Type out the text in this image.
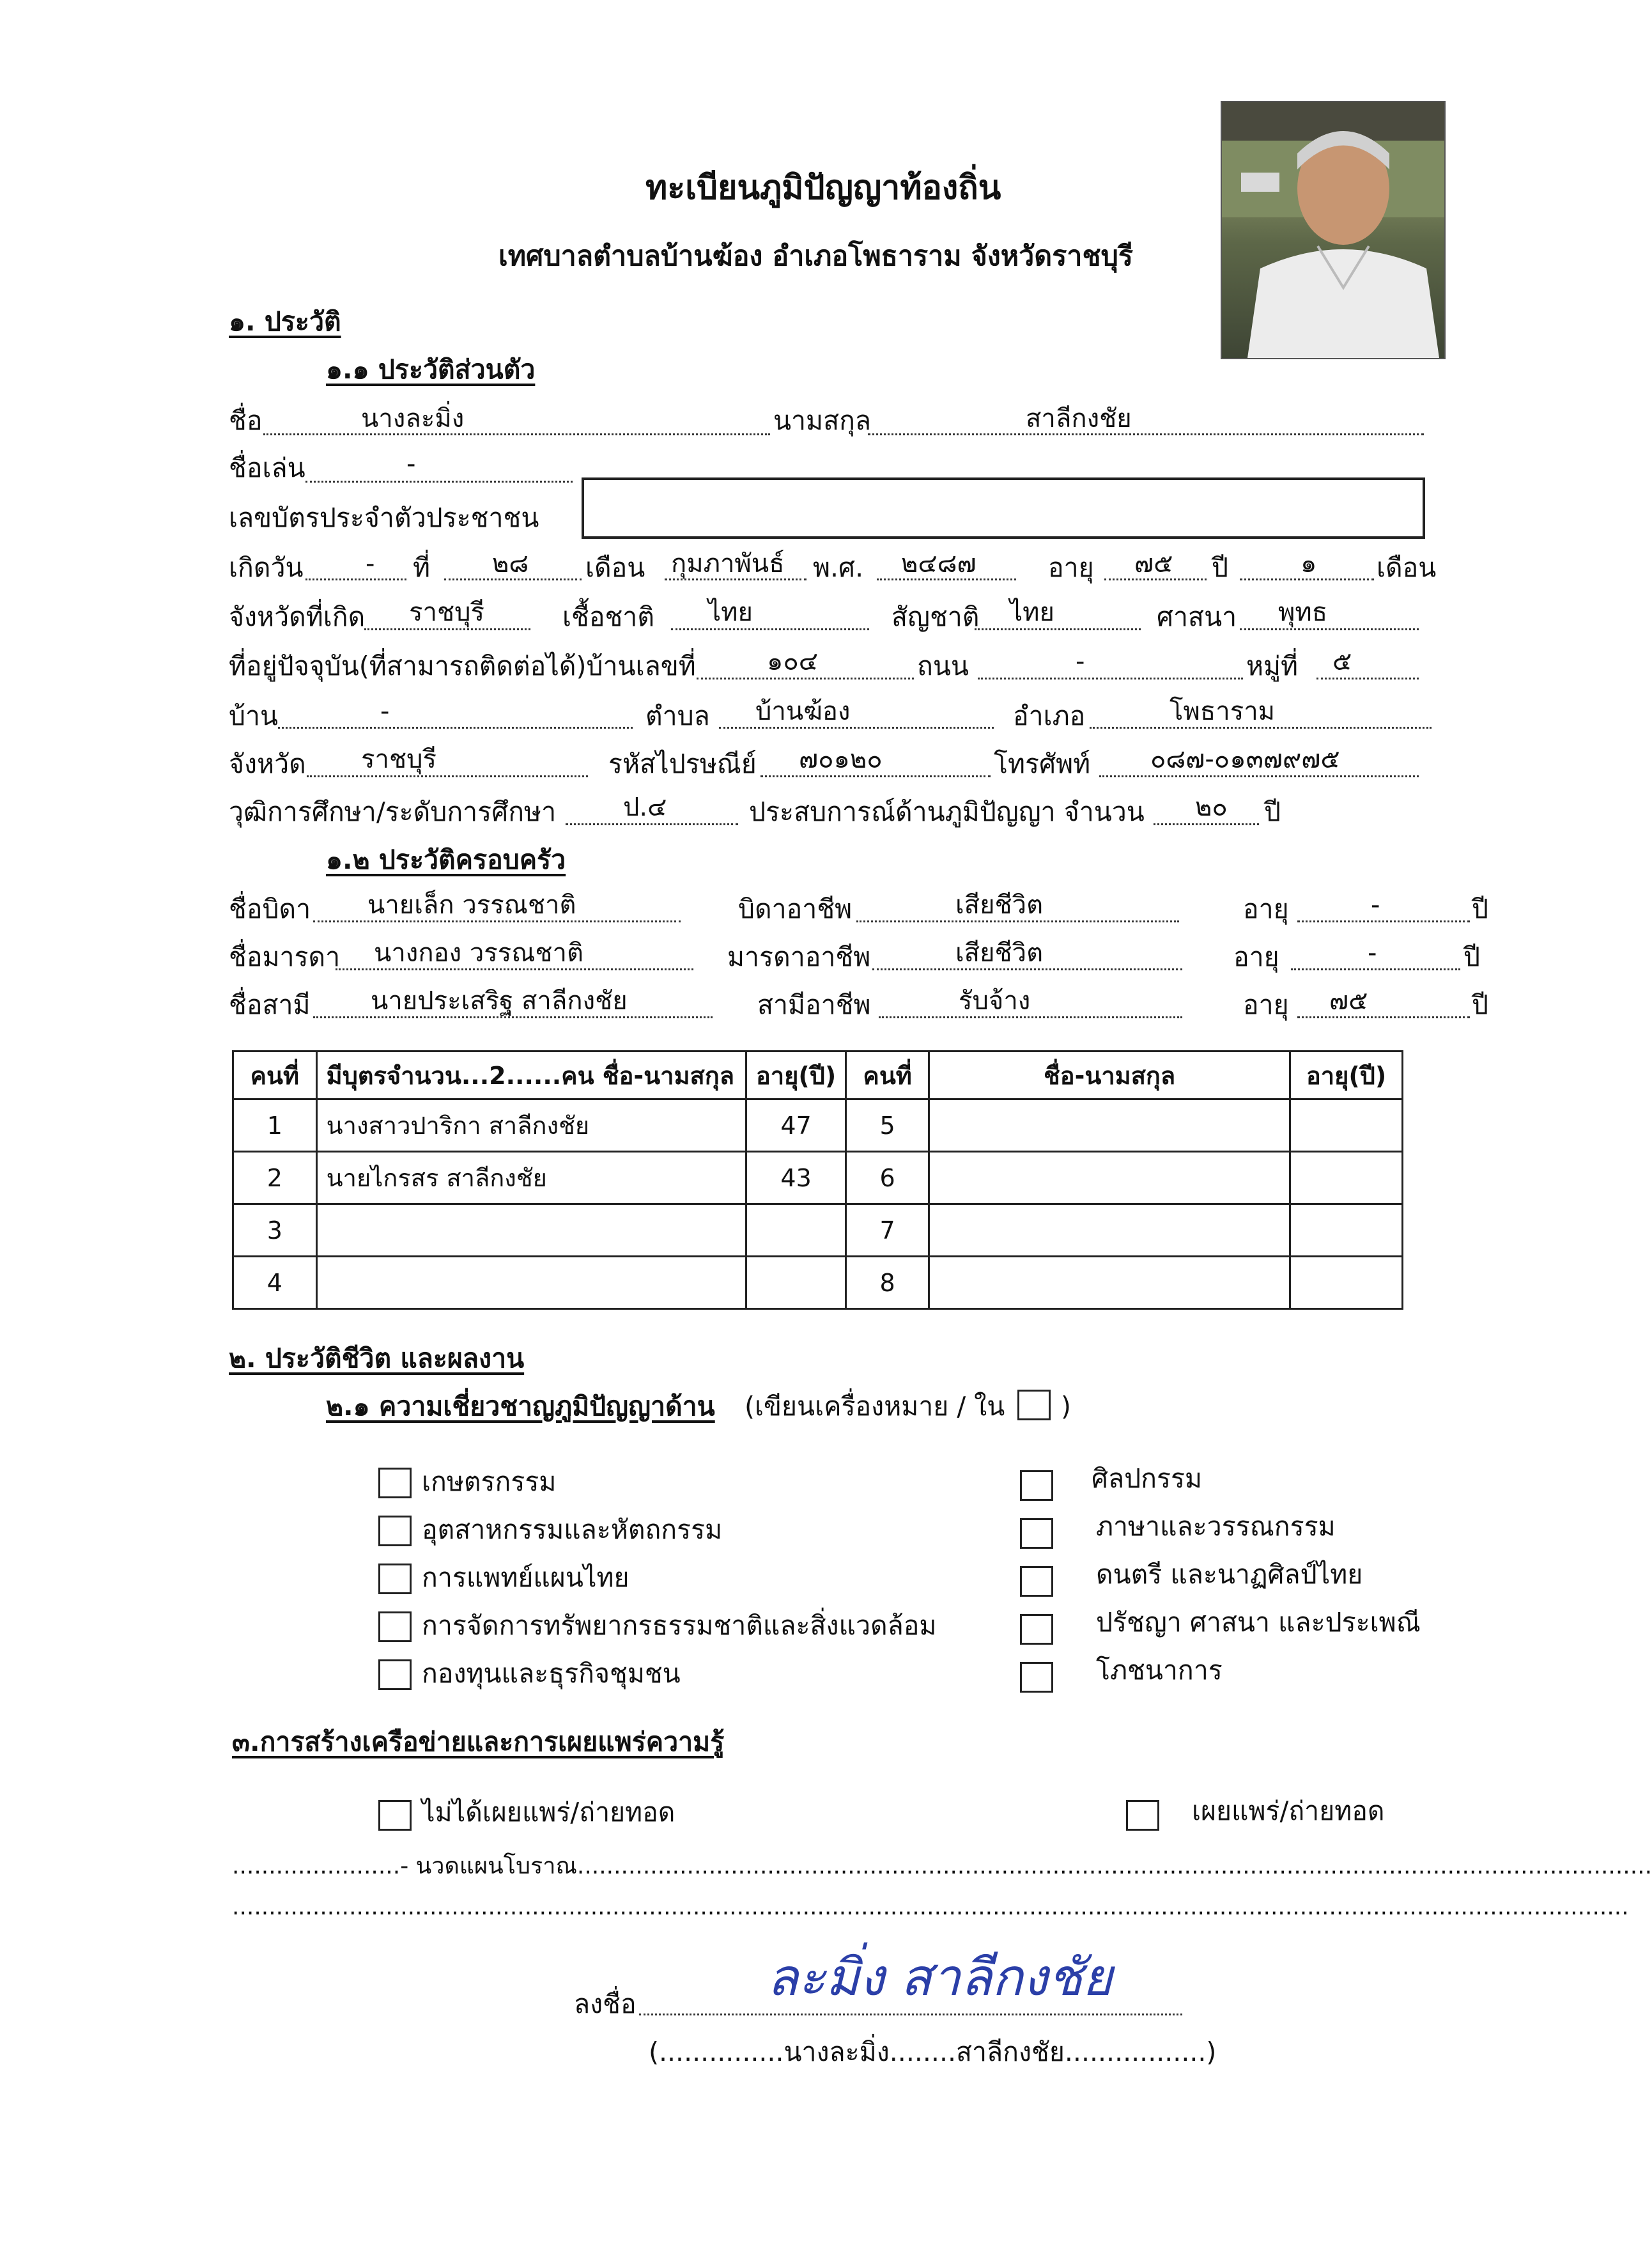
ทะเบียนภูมิปัญญาท้องถิ่น
เทศบาลตำบลบ้านฆ้อง อำเภอโพธาราม จังหวัดราชบุรี
๑. ประวัติ
๑.๑ ประวัติส่วนตัว
ชื่อ	นางละมิ่ง	นามสกุล	สาลีกงชัย
ชื่อเล่น	-
เลขบัตรประจำตัวประชาชน
เกิดวัน - ที่ ๒๘ เดือน กุมภาพันธ์ พ.ศ. ๒๔๘๗	อายุ ๗๕ ปี	๑ เดือน
จังหวัดที่เกิด ราชบุรี	เชื้อชาติ ไทย	สัญชาติ ไทย	ศาสนา พุทธ
ที่อยู่ปัจจุบัน(ที่สามารถติดต่อได้)บ้านเลขที่	๑๐๔	ถนน	-	หมู่ที่ ๕
บ้าน	-	ตำบล บ้านฆ้อง	อำเภอ	โพธาราม
จังหวัด ราชบุรี	รหัสไปรษณีย์ ๗๐๑๒๐	โทรศัพท์ ๐๘๗-๐๑๓๗๙๗๕
วุฒิการศึกษา/ระดับการศึกษา	ป.๔	ประสบการณ์ด้านภูมิปัญญา จำนวน ๒๐ ปี
๑.๒ ประวัติครอบครัว
ชื่อบิดา นายเล็ก วรรณชาติ	บิดาอาชีพ	เสียชีวิต	อายุ	-	ปี
ชื่อมารดา นางกอง วรรณชาติ	มารดาอาชีพ	เสียชีวิต	อายุ	-	ปี
ชื่อสามี นายประเสริฐ สาลีกงชัย	สามีอาชีพ	รับจ้าง	อายุ ๗๕	ปี
คนที่	มีบุตรจำนวน...2......คน ชื่อ-นามสกุล	อายุ(ปี)	คนที่	ชื่อ-นามสกุล	อายุ(ปี)
1	นางสาวปาริกา สาลีกงชัย	47	5		
2	นายไกรสร สาลีกงชัย	43	6		
3			7		
4			8		
๒. ประวัติชีวิต และผลงาน
๒.๑ ความเชี่ยวชาญภูมิปัญญาด้าน (เขียนเครื่องหมาย / ใน )
เกษตรกรรม
อุตสาหกรรมและหัตถกรรม
การแพทย์แผนไทย
การจัดการทรัพยากรธรรมชาติและสิ่งแวดล้อม
กองทุนและธุรกิจชุมชน
ศิลปกรรม
ภาษาและวรรณกรรม
ดนตรี และนาฏศิลป์ไทย
ปรัชญา ศาสนา และประเพณี
โภชนาการ
๓.การสร้างเครือข่ายและการเผยแพร่ความรู้
ไม่ได้เผยแพร่/ถ่ายทอด	เผยแพร่/ถ่ายทอด
.......................- นวดแผนโบราณ...................................................................................................................................................
...............................................................................................................................................................................................
ลงชื่อ	ละมิ่ง สาลีกงชัย
(...............นางละมิ่ง........สาลีกงชัย.................)
